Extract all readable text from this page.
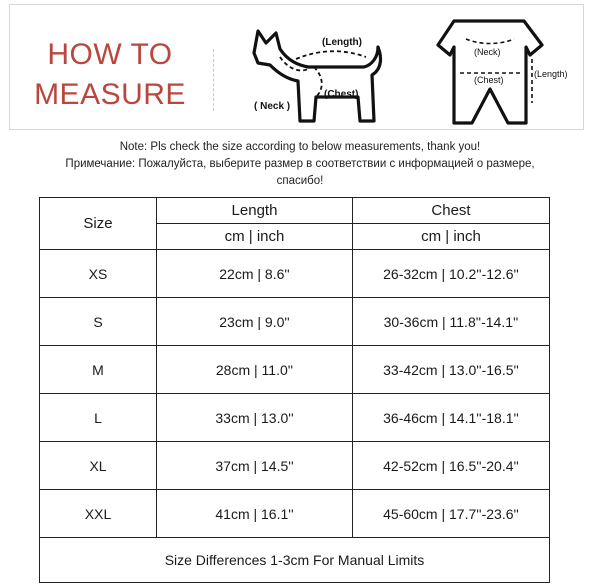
HOW TO
MEASURE
(Length)
(Chest)
( Neck )
(Neck)
(Chest)
(Length)
Note: Pls check the size according to below measurements, thank you!
Примечание: Пожалуйста, выберите размер в соответствии с информацией о размере, спасибо!
Size	Length	Chest
	cm | inch	cm | inch
XS	22cm | 8.6''	26-32cm | 10.2''-12.6''
S	23cm | 9.0''	30-36cm | 11.8''-14.1''
M	28cm | 11.0''	33-42cm | 13.0''-16.5''
L	33cm | 13.0''	36-46cm | 14.1''-18.1''
XL	37cm | 14.5''	42-52cm | 16.5''-20.4''
XXL	41cm | 16.1''	45-60cm | 17.7''-23.6''
Size Differences 1-3cm For Manual Limits		
